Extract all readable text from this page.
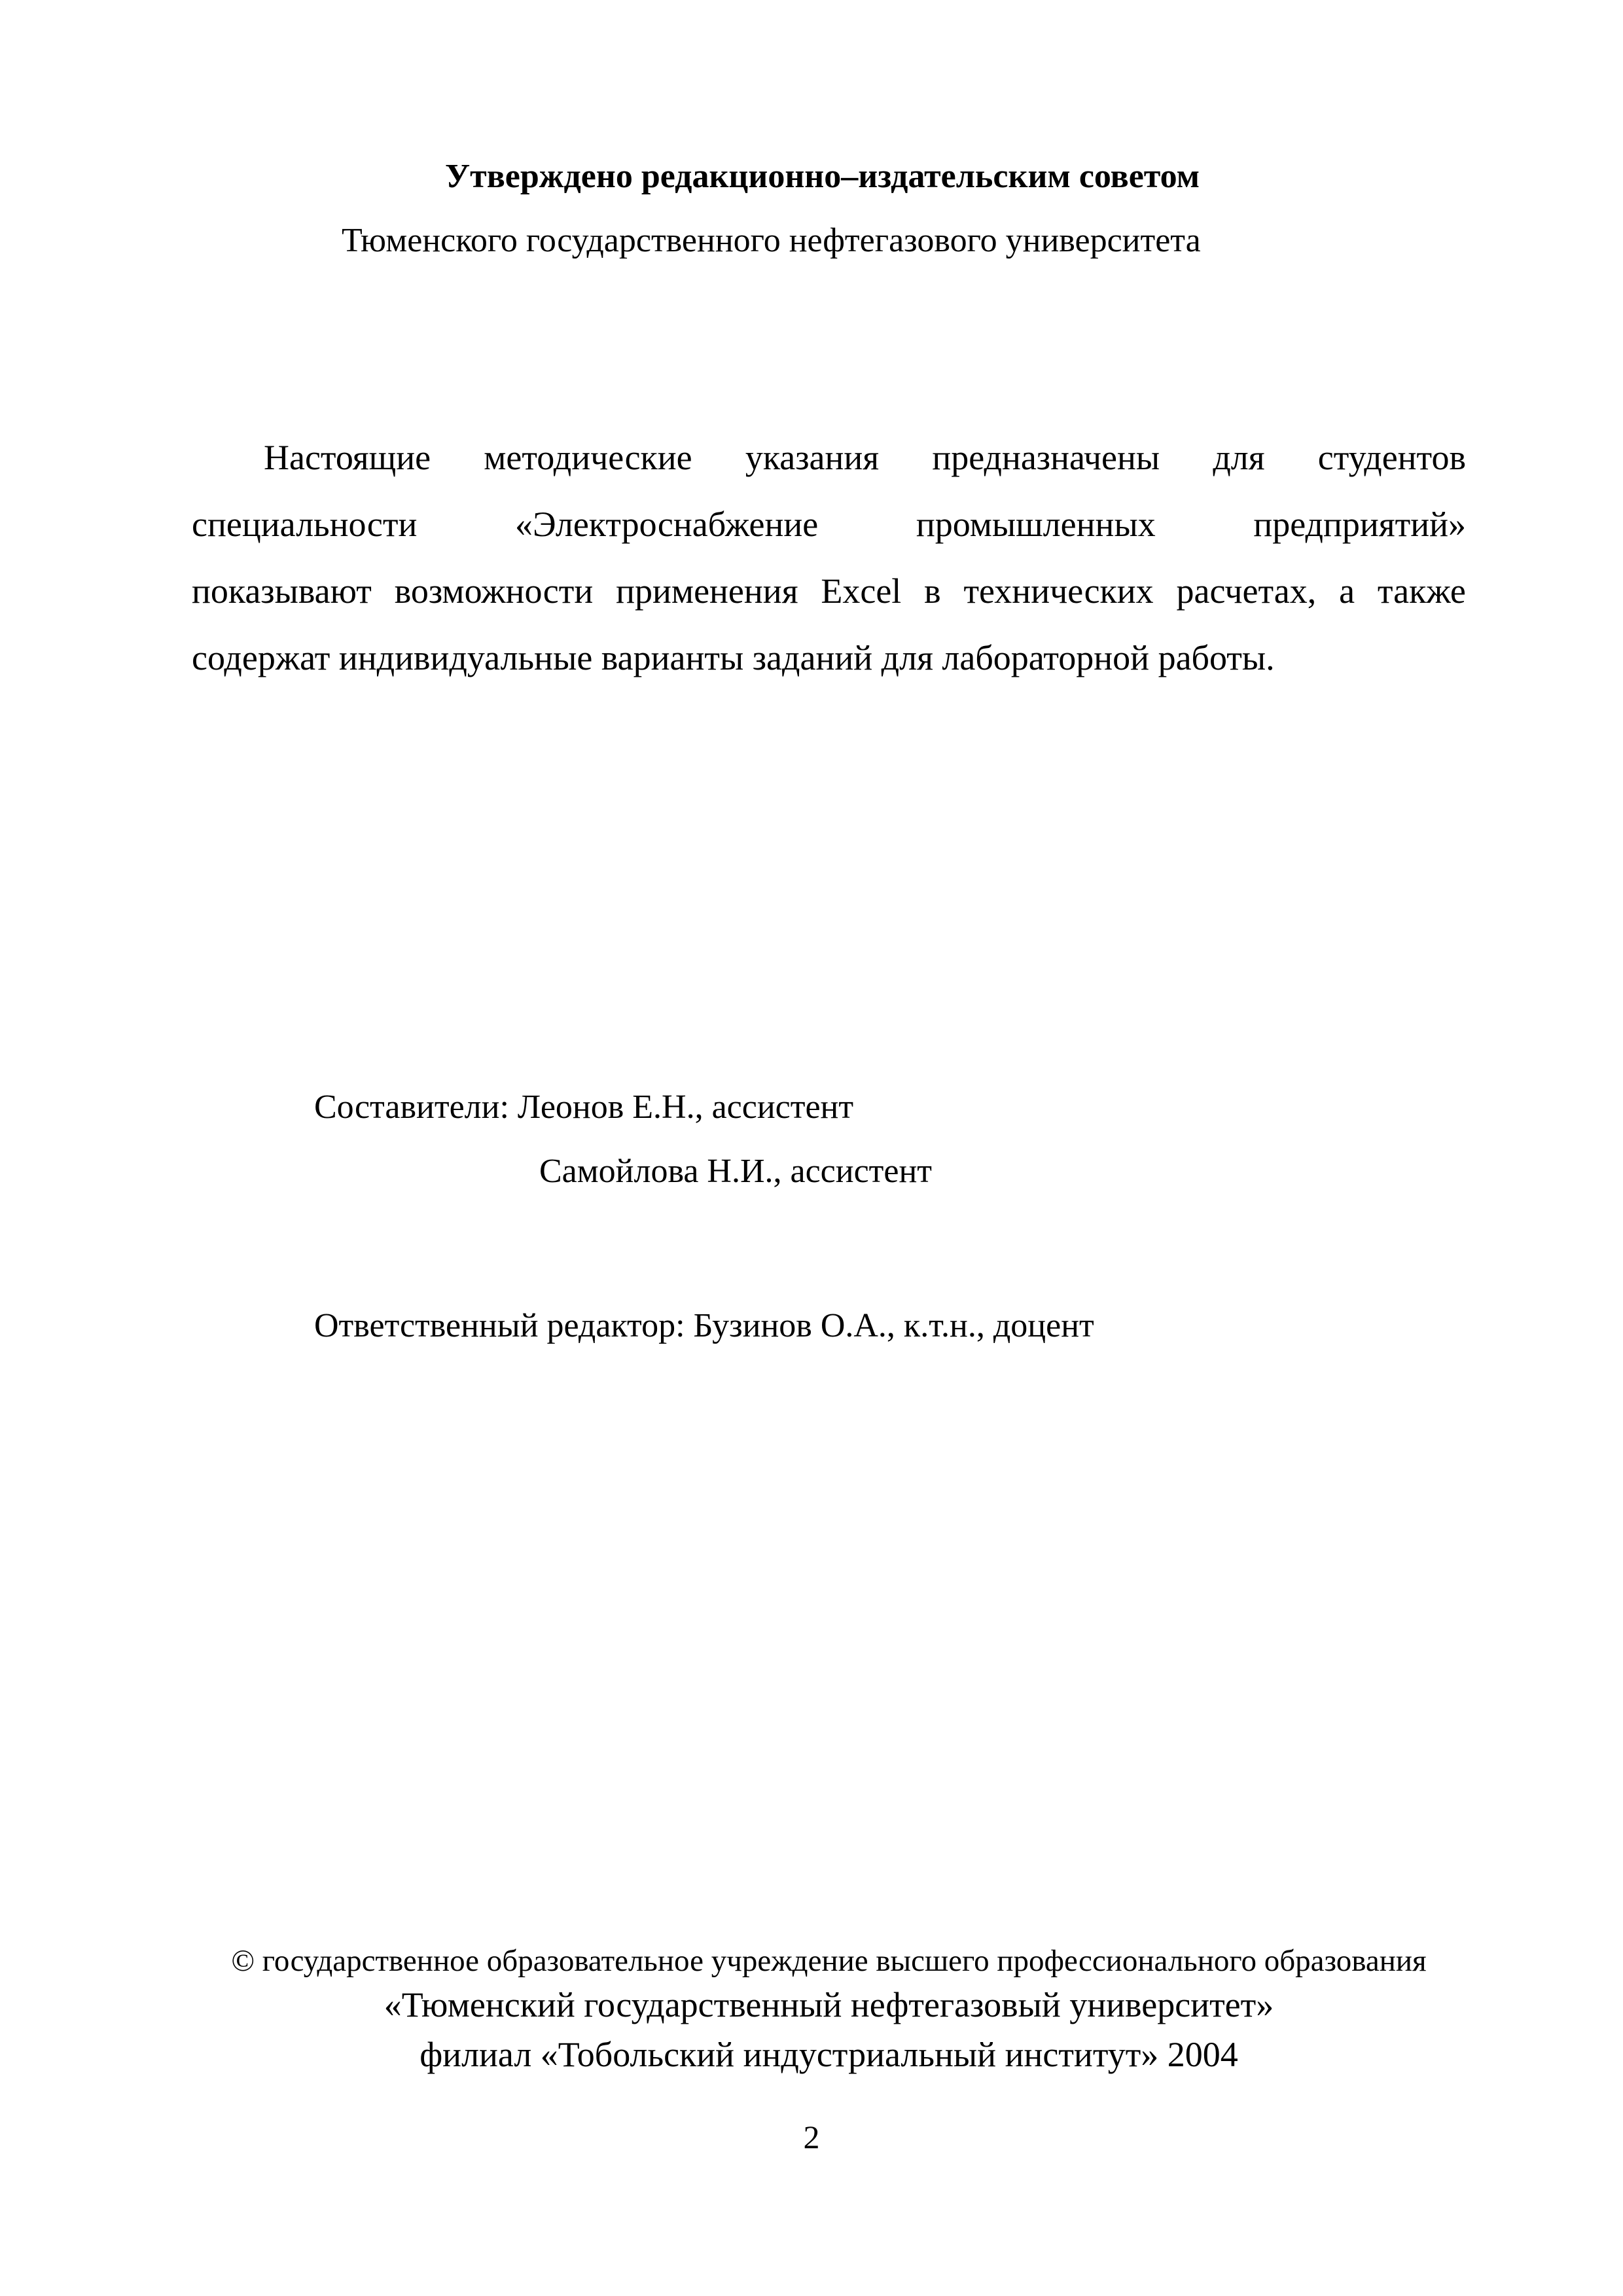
Утверждено редакционно–издательским советом
Тюменского государственного нефтегазового университета
Настоящие методические указания предназначены для студентов
специальности	«Электроснабжение	промышленных	предприятий»
показывают возможности применения Excel в технических расчетах, а также
содержат индивидуальные варианты заданий для лабораторной работы.
Составители: Леонов Е.Н., ассистент
Самойлова Н.И., ассистент
Ответственный редактор: Бузинов О.А., к.т.н., доцент
© государственное образовательное учреждение высшего профессионального образования
«Тюменский государственный нефтегазовый университет»
филиал «Тобольский индустриальный институт» 2004
2
